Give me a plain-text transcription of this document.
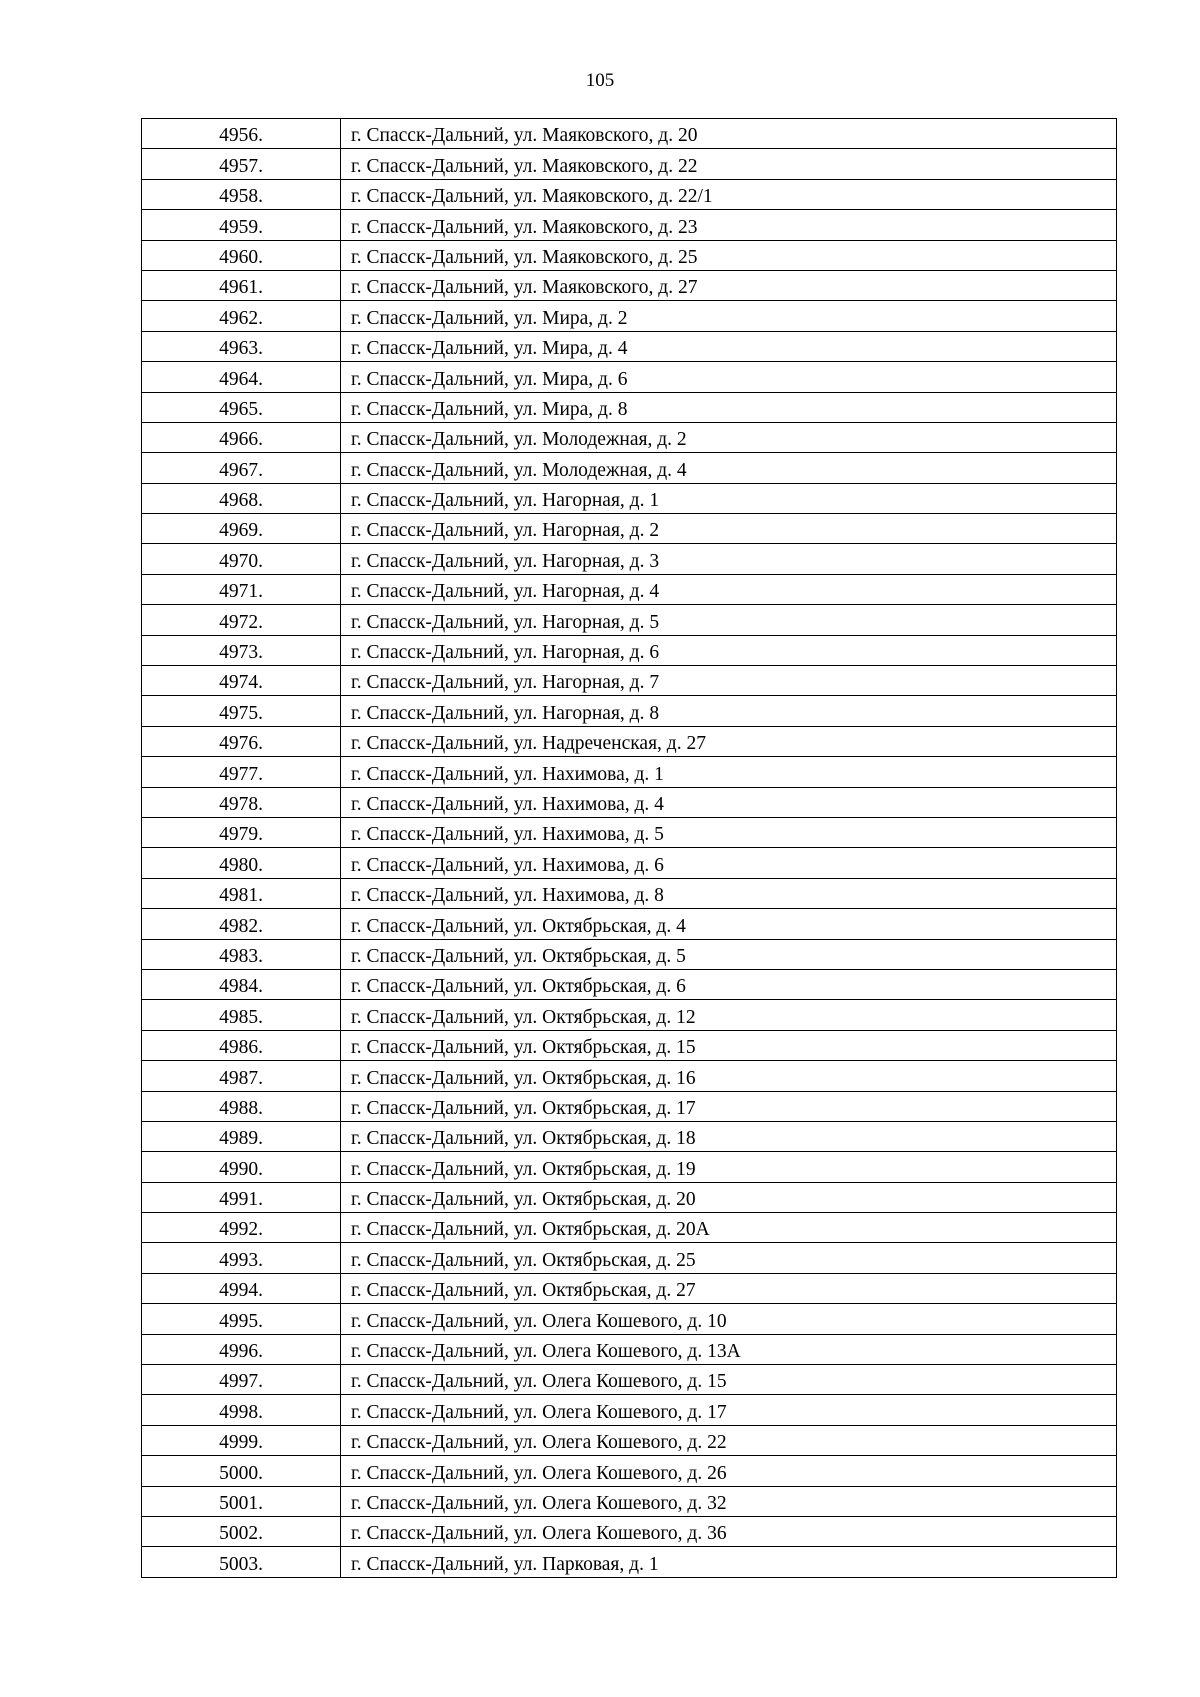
105
4956.	г. Спасск-Дальний, ул. Маяковского, д. 20
4957.	г. Спасск-Дальний, ул. Маяковского, д. 22
4958.	г. Спасск-Дальний, ул. Маяковского, д. 22/1
4959.	г. Спасск-Дальний, ул. Маяковского, д. 23
4960.	г. Спасск-Дальний, ул. Маяковского, д. 25
4961.	г. Спасск-Дальний, ул. Маяковского, д. 27
4962.	г. Спасск-Дальний, ул. Мира, д. 2
4963.	г. Спасск-Дальний, ул. Мира, д. 4
4964.	г. Спасск-Дальний, ул. Мира, д. 6
4965.	г. Спасск-Дальний, ул. Мира, д. 8
4966.	г. Спасск-Дальний, ул. Молодежная, д. 2
4967.	г. Спасск-Дальний, ул. Молодежная, д. 4
4968.	г. Спасск-Дальний, ул. Нагорная, д. 1
4969.	г. Спасск-Дальний, ул. Нагорная, д. 2
4970.	г. Спасск-Дальний, ул. Нагорная, д. 3
4971.	г. Спасск-Дальний, ул. Нагорная, д. 4
4972.	г. Спасск-Дальний, ул. Нагорная, д. 5
4973.	г. Спасск-Дальний, ул. Нагорная, д. 6
4974.	г. Спасск-Дальний, ул. Нагорная, д. 7
4975.	г. Спасск-Дальний, ул. Нагорная, д. 8
4976.	г. Спасск-Дальний, ул. Надреченская, д. 27
4977.	г. Спасск-Дальний, ул. Нахимова, д. 1
4978.	г. Спасск-Дальний, ул. Нахимова, д. 4
4979.	г. Спасск-Дальний, ул. Нахимова, д. 5
4980.	г. Спасск-Дальний, ул. Нахимова, д. 6
4981.	г. Спасск-Дальний, ул. Нахимова, д. 8
4982.	г. Спасск-Дальний, ул. Октябрьская, д. 4
4983.	г. Спасск-Дальний, ул. Октябрьская, д. 5
4984.	г. Спасск-Дальний, ул. Октябрьская, д. 6
4985.	г. Спасск-Дальний, ул. Октябрьская, д. 12
4986.	г. Спасск-Дальний, ул. Октябрьская, д. 15
4987.	г. Спасск-Дальний, ул. Октябрьская, д. 16
4988.	г. Спасск-Дальний, ул. Октябрьская, д. 17
4989.	г. Спасск-Дальний, ул. Октябрьская, д. 18
4990.	г. Спасск-Дальний, ул. Октябрьская, д. 19
4991.	г. Спасск-Дальний, ул. Октябрьская, д. 20
4992.	г. Спасск-Дальний, ул. Октябрьская, д. 20А
4993.	г. Спасск-Дальний, ул. Октябрьская, д. 25
4994.	г. Спасск-Дальний, ул. Октябрьская, д. 27
4995.	г. Спасск-Дальний, ул. Олега Кошевого, д. 10
4996.	г. Спасск-Дальний, ул. Олега Кошевого, д. 13А
4997.	г. Спасск-Дальний, ул. Олега Кошевого, д. 15
4998.	г. Спасск-Дальний, ул. Олега Кошевого, д. 17
4999.	г. Спасск-Дальний, ул. Олега Кошевого, д. 22
5000.	г. Спасск-Дальний, ул. Олега Кошевого, д. 26
5001.	г. Спасск-Дальний, ул. Олега Кошевого, д. 32
5002.	г. Спасск-Дальний, ул. Олега Кошевого, д. 36
5003.	г. Спасск-Дальний, ул. Парковая, д. 1
